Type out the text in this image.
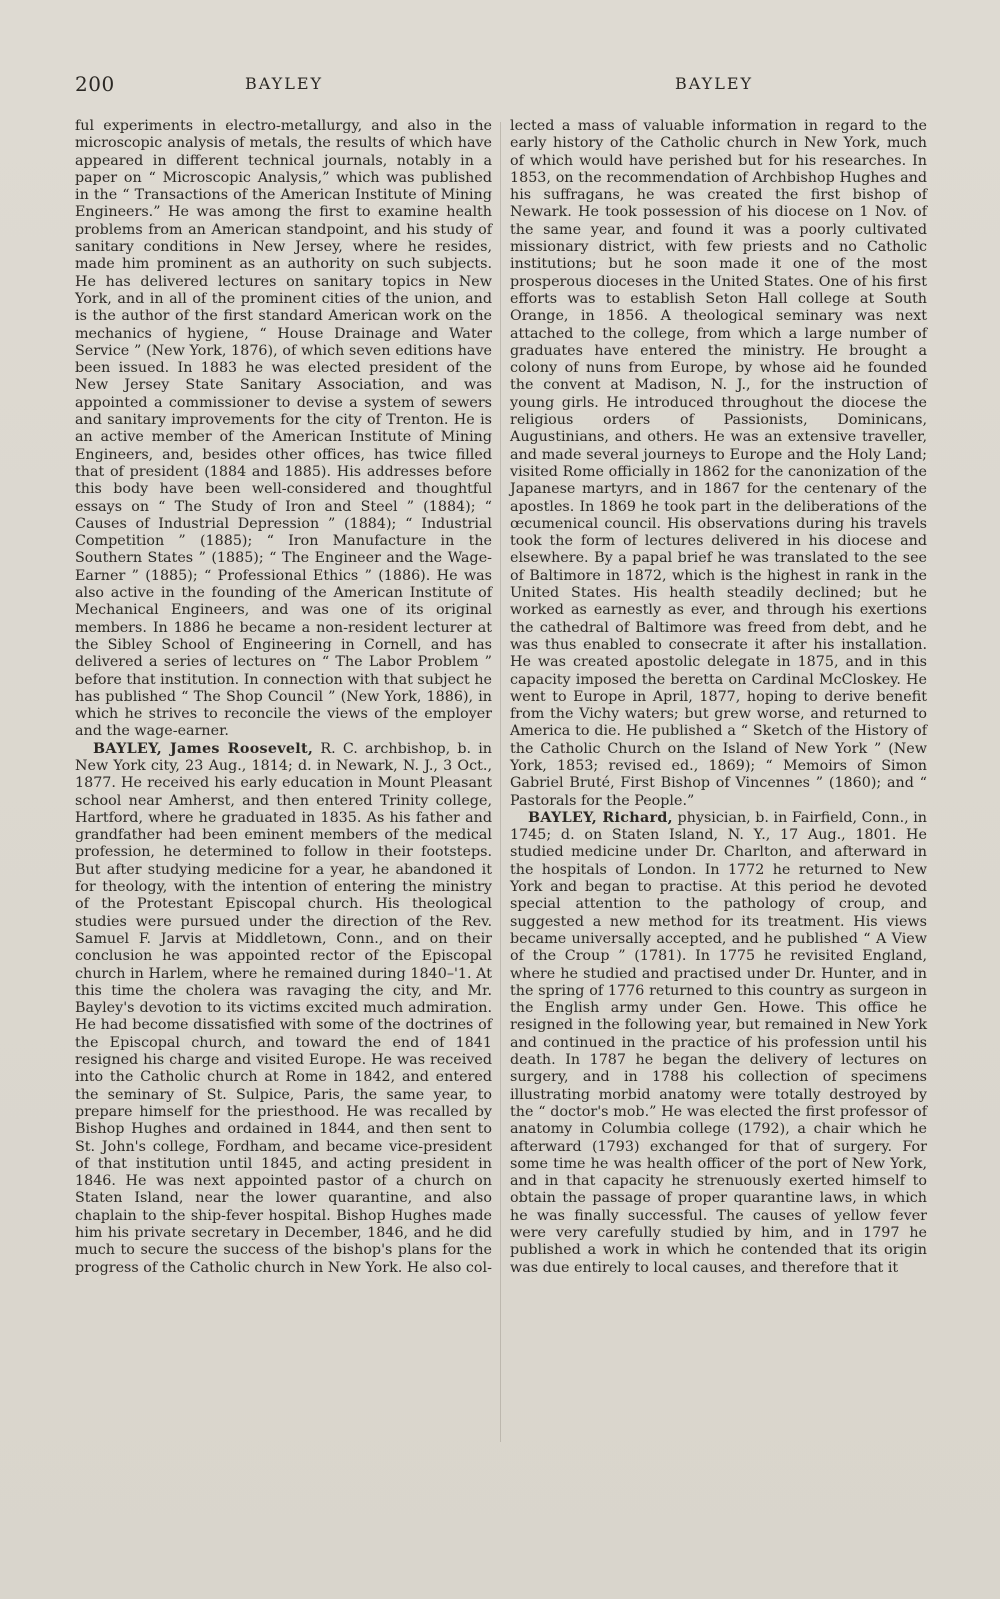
200	BAYLEY	BAYLEY

ful experiments in electro-metallurgy, and also in the microscopic analysis of metals, the results of which have appeared in different technical journals, notably in a paper on “ Microscopic Analysis,” which was published in the “ Transactions of the American Institute of Mining Engineers.” He was among the first to examine health problems from an American standpoint, and his study of sanitary conditions in New Jersey, where he resides, made him prominent as an authority on such subjects. He has delivered lectures on sanitary topics in New York, and in all of the prominent cities of the union, and is the author of the first standard American work on the mechanics of hygiene, “ House Drainage and Water Service ” (New York, 1876), of which seven editions have been issued. In 1883 he was elected president of the New Jersey State Sanitary Association, and was appointed a commissioner to devise a system of sewers and sanitary improvements for the city of Trenton. He is an active member of the American Institute of Mining Engineers, and, besides other offices, has twice filled that of president (1884 and 1885). His addresses before this body have been well-considered and thoughtful essays on “ The Study of Iron and Steel ” (1884); “ Causes of Industrial Depression ” (1884); “ Industrial Competition ” (1885); “ Iron Manufacture in the Southern States ” (1885); “ The Engineer and the Wage-Earner ” (1885); “ Professional Ethics ” (1886). He was also active in the founding of the American Institute of Mechanical Engineers, and was one of its original members. In 1886 he became a non-resident lecturer at the Sibley School of Engineering in Cornell, and has delivered a series of lectures on “ The Labor Problem ” before that institution. In connection with that subject he has published “ The Shop Council ” (New York, 1886), in which he strives to reconcile the views of the employer and the wage-earner.

BAYLEY, James Roosevelt, R. C. archbishop, b. in New York city, 23 Aug., 1814; d. in Newark, N. J., 3 Oct., 1877. He received his early education in Mount Pleasant school near Amherst, and then entered Trinity college, Hartford, where he graduated in 1835. As his father and grandfather had been eminent members of the medical profession, he determined to follow in their footsteps. But after studying medicine for a year, he abandoned it for theology, with the intention of entering the ministry of the Protestant Episcopal church. His theological studies were pursued under the direction of the Rev. Samuel F. Jarvis at Middletown, Conn., and on their conclusion he was appointed rector of the Episcopal church in Harlem, where he remained during 1840–'1. At this time the cholera was ravaging the city, and Mr. Bayley's devotion to its victims excited much admiration. He had become dissatisfied with some of the doctrines of the Episcopal church, and toward the end of 1841 resigned his charge and visited Europe. He was received into the Catholic church at Rome in 1842, and entered the seminary of St. Sulpice, Paris, the same year, to prepare himself for the priesthood. He was recalled by Bishop Hughes and ordained in 1844, and then sent to St. John's college, Fordham, and became vice-president of that institution until 1845, and acting president in 1846. He was next appointed pastor of a church on Staten Island, near the lower quarantine, and also chaplain to the ship-fever hospital. Bishop Hughes made him his private secretary in December, 1846, and he did much to secure the success of the bishop's plans for the progress of the Catholic church in New York. He also col-

lected a mass of valuable information in regard to the early history of the Catholic church in New York, much of which would have perished but for his researches. In 1853, on the recommendation of Archbishop Hughes and his suffragans, he was created the first bishop of Newark. He took possession of his diocese on 1 Nov. of the same year, and found it was a poorly cultivated missionary district, with few priests and no Catholic institutions; but he soon made it one of the most prosperous dioceses in the United States. One of his first efforts was to establish Seton Hall college at South Orange, in 1856. A theological seminary was next attached to the college, from which a large number of graduates have entered the ministry. He brought a colony of nuns from Europe, by whose aid he founded the convent at Madison, N. J., for the instruction of young girls. He introduced throughout the diocese the religious orders of Passionists, Dominicans, Augustinians, and others. He was an extensive traveller, and made several journeys to Europe and the Holy Land; visited Rome officially in 1862 for the canonization of the Japanese martyrs, and in 1867 for the centenary of the apostles. In 1869 he took part in the deliberations of the œcumenical council. His observations during his travels took the form of lectures delivered in his diocese and elsewhere. By a papal brief he was translated to the see of Baltimore in 1872, which is the highest in rank in the United States. His health steadily declined; but he worked as earnestly as ever, and through his exertions the cathedral of Baltimore was freed from debt, and he was thus enabled to consecrate it after his installation. He was created apostolic delegate in 1875, and in this capacity imposed the beretta on Cardinal McCloskey. He went to Europe in April, 1877, hoping to derive benefit from the Vichy waters; but grew worse, and returned to America to die. He published a “ Sketch of the History of the Catholic Church on the Island of New York ” (New York, 1853; revised ed., 1869); “ Memoirs of Simon Gabriel Bruté, First Bishop of Vincennes ” (1860); and “ Pastorals for the People.”

BAYLEY, Richard, physician, b. in Fairfield, Conn., in 1745; d. on Staten Island, N. Y., 17 Aug., 1801. He studied medicine under Dr. Charlton, and afterward in the hospitals of London. In 1772 he returned to New York and began to practise. At this period he devoted special attention to the pathology of croup, and suggested a new method for its treatment. His views became universally accepted, and he published “ A View of the Croup ” (1781). In 1775 he revisited England, where he studied and practised under Dr. Hunter, and in the spring of 1776 returned to this country as surgeon in the English army under Gen. Howe. This office he resigned in the following year, but remained in New York and continued in the practice of his profession until his death. In 1787 he began the delivery of lectures on surgery, and in 1788 his collection of specimens illustrating morbid anatomy were totally destroyed by the “ doctor's mob.” He was elected the first professor of anatomy in Columbia college (1792), a chair which he afterward (1793) exchanged for that of surgery. For some time he was health officer of the port of New York, and in that capacity he strenuously exerted himself to obtain the passage of proper quarantine laws, in which he was finally successful. The causes of yellow fever were very carefully studied by him, and in 1797 he published a work in which he contended that its origin was due entirely to local causes, and therefore that it
